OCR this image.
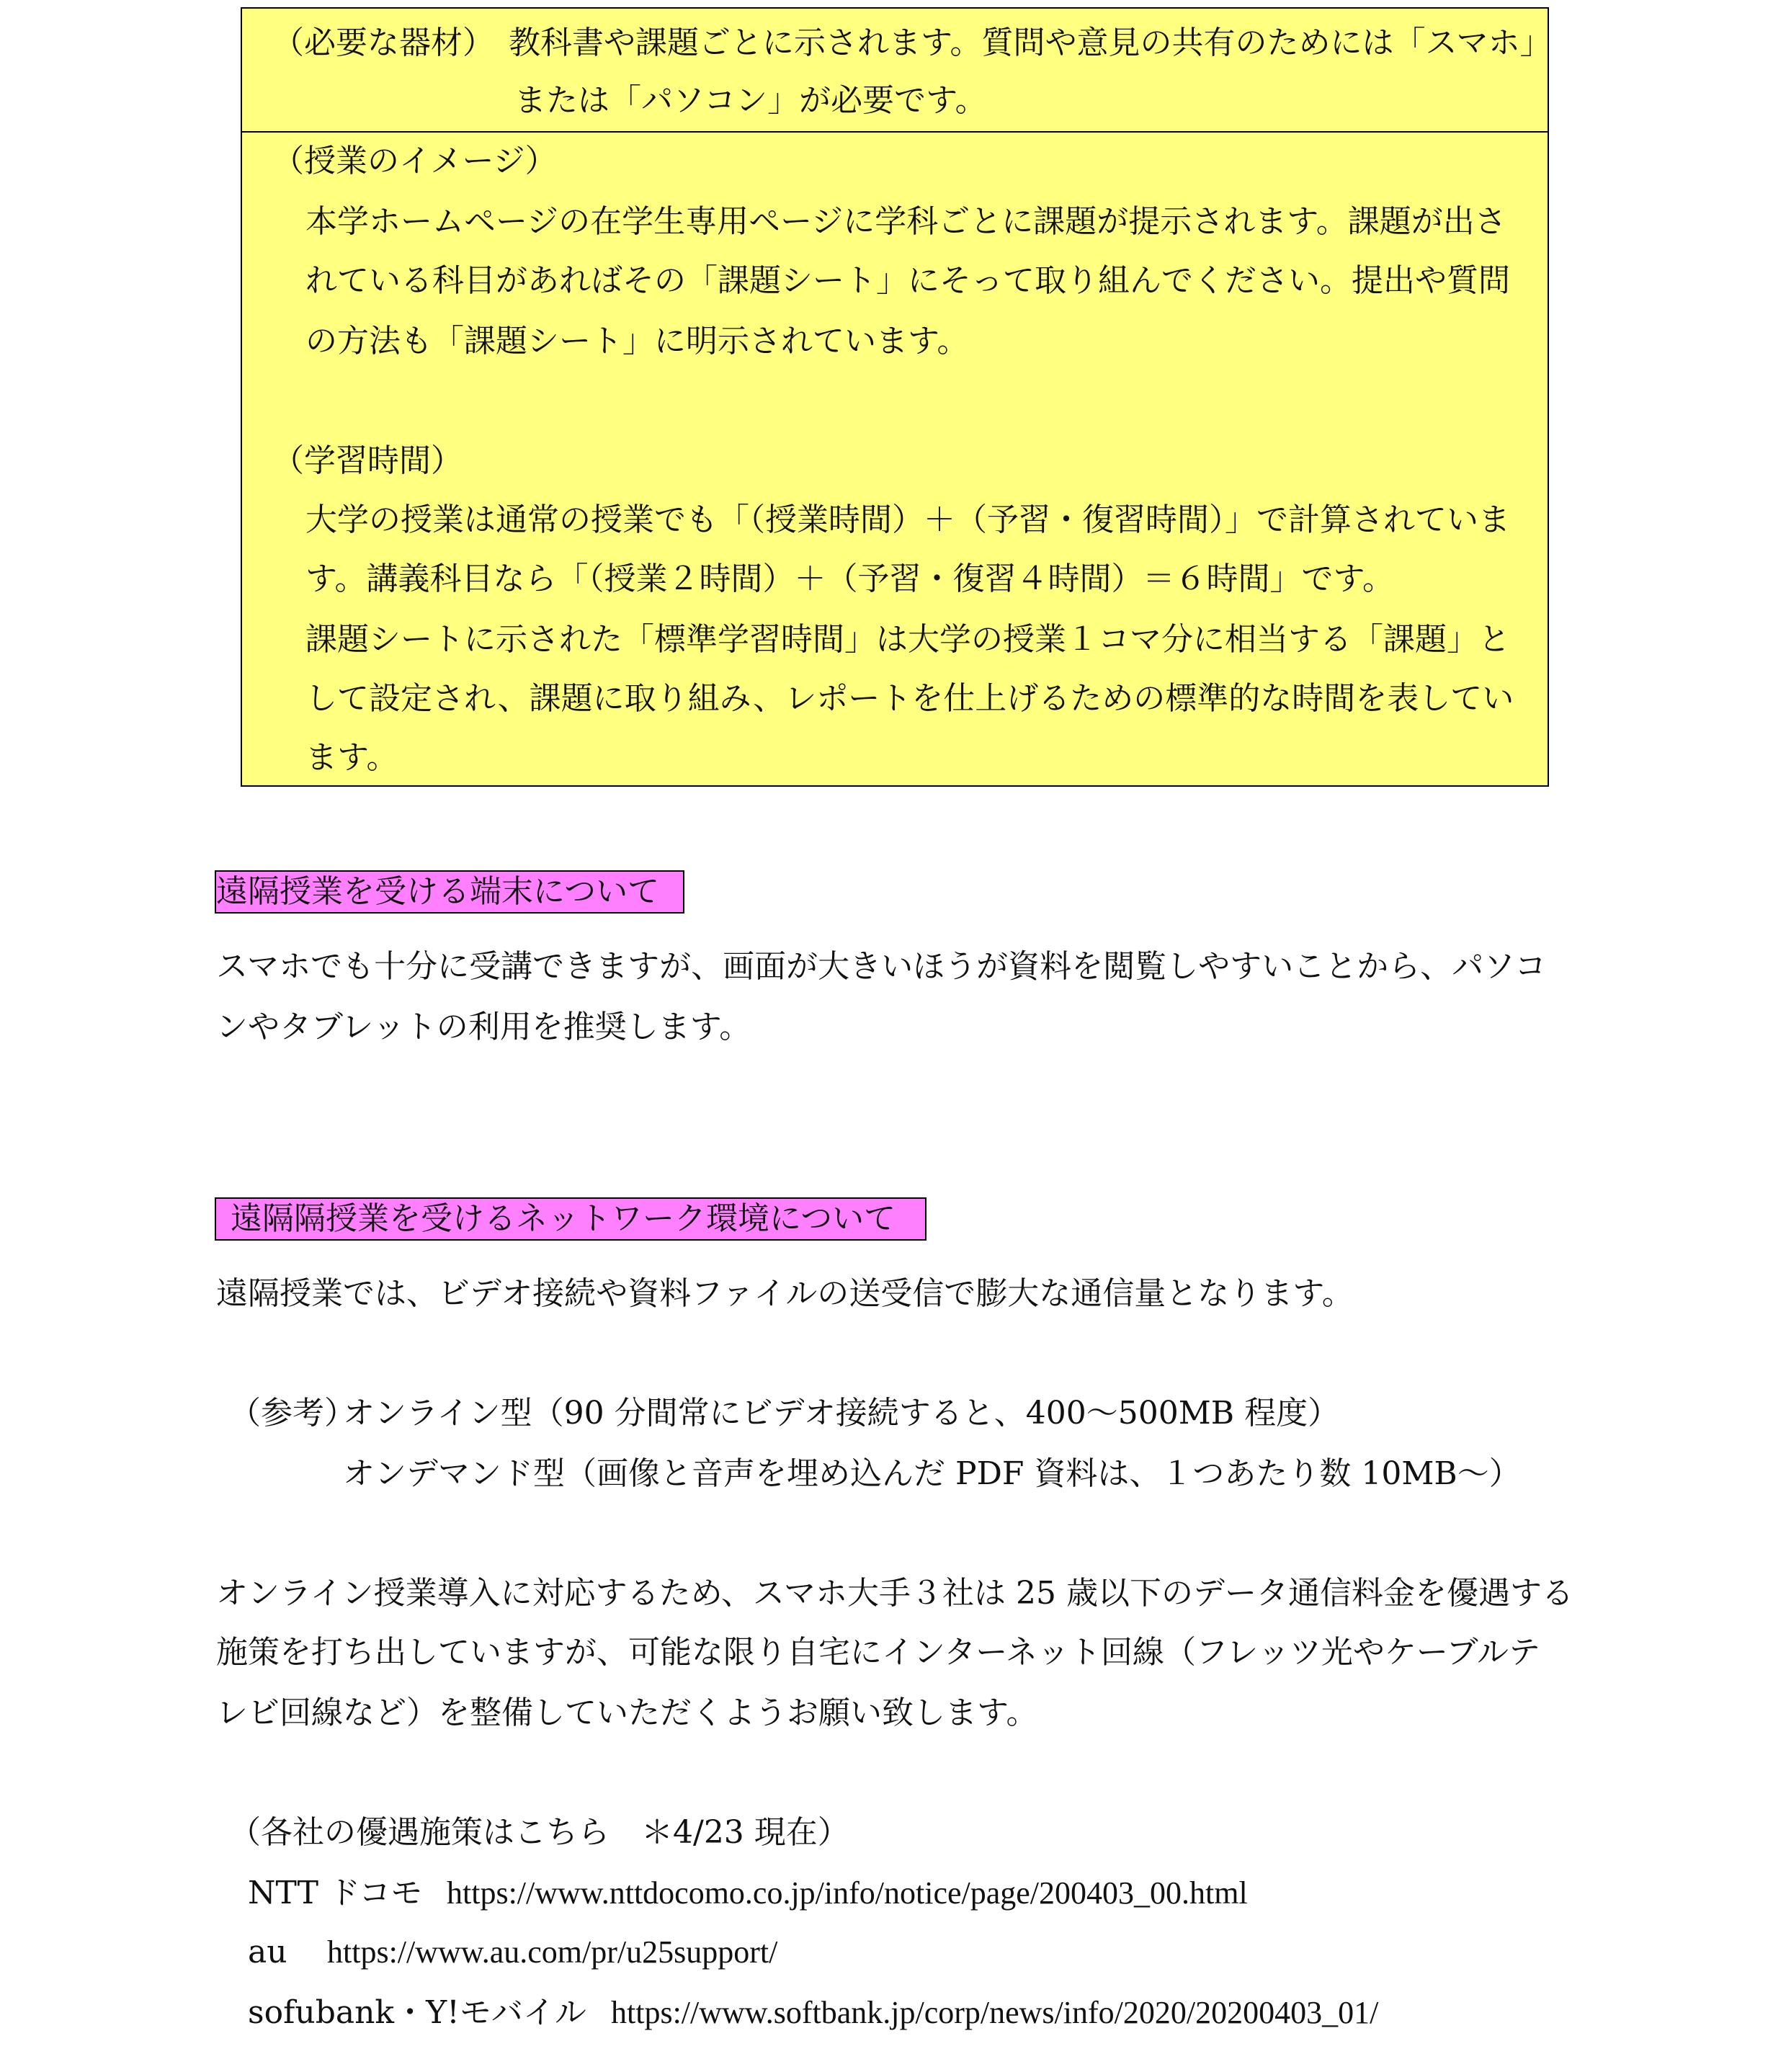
（必要な器材） 教科書や課題ごとに示されます。質問や意見の共有のためには「スマホ」
または「パソコン」が必要です。
（授業のイメージ）
本学ホームページの在学生専用ページに学科ごとに課題が提示されます。課題が出さ
れている科目があればその「課題シート」にそって取り組んでください。提出や質問
の方法も「課題シート」に明示されています。
（学習時間）
大学の授業は通常の授業でも「（授業時間）＋（予習・復習時間）」で計算されていま
す。講義科目なら「（授業２時間）＋（予習・復習４時間）＝６時間」です。
課題シートに示された「標準学習時間」は大学の授業１コマ分に相当する「課題」と
して設定され、課題に取り組み、レポートを仕上げるための標準的な時間を表してい
ます。
遠隔授業を受ける端末について
スマホでも十分に受講できますが、画面が大きいほうが資料を閲覧しやすいことから、パソコ
ンやタブレットの利用を推奨します。
遠隔隔授業を受けるネットワーク環境について
遠隔授業では、ビデオ接続や資料ファイルの送受信で膨大な通信量となります。
（参考）
オンライン型（90 分間常にビデオ接続すると、400～500MB 程度）
オンデマンド型（画像と音声を埋め込んだ PDF 資料は、１つあたり数 10MB～）
オンライン授業導入に対応するため、スマホ大手３社は 25 歳以下のデータ通信料金を優遇する
施策を打ち出していますが、可能な限り自宅にインターネット回線（フレッツ光やケーブルテ
レビ回線など）を整備していただくようお願い致します。
（各社の優遇施策はこちら　＊4/23 現在）
NTT ドコモ https://www.nttdocomo.co.jp/info/notice/page/200403_00.html
au https://www.au.com/pr/u25support/
sofubank・Y!モバイル https://www.softbank.jp/corp/news/info/2020/20200403_01/
